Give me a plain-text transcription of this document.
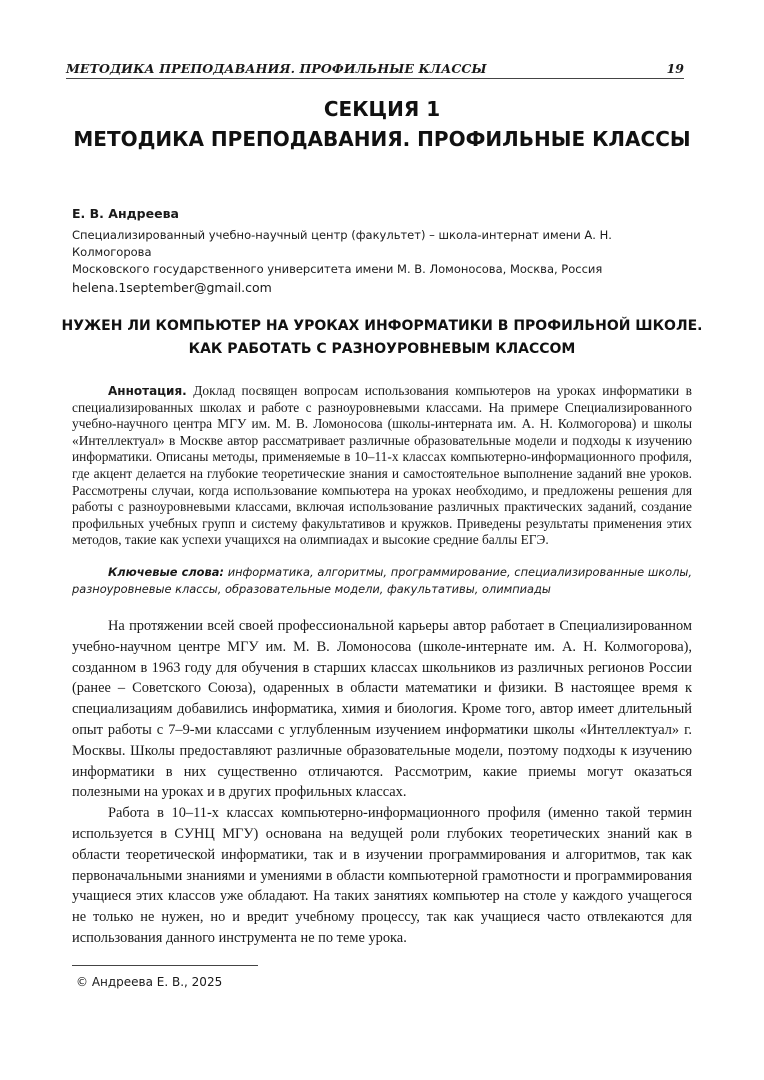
МЕТОДИКА ПРЕПОДАВАНИЯ. ПРОФИЛЬНЫЕ КЛАССЫ	19
СЕКЦИЯ 1
МЕТОДИКА ПРЕПОДАВАНИЯ. ПРОФИЛЬНЫЕ КЛАССЫ
Е. В. Андреева
Специализированный учебно-научный центр (факультет) – школа-интернат имени А. Н. Колмогорова
Московского государственного университета имени М. В. Ломоносова, Москва, Россия
helena.1september@gmail.com
НУЖЕН ЛИ КОМПЬЮТЕР НА УРОКАХ ИНФОРМАТИКИ В ПРОФИЛЬНОЙ ШКОЛЕ.
КАК РАБОТАТЬ С РАЗНОУРОВНЕВЫМ КЛАССОМ

Аннотация. Доклад посвящен вопросам использования компьютеров на уроках информатики в специализированных школах и работе с разноуровневыми классами. На примере Специализированного учебно-научного центра МГУ им. М. В. Ломоносова (школы-интерната им. А. Н. Колмогорова) и школы «Интеллектуал» в Москве автор рассматривает различные образовательные модели и подходы к изучению информатики. Описаны методы, применяемые в 10–11-х классах компьютерно-информационного профиля, где акцент делается на глубокие теоретические знания и самостоятельное выполнение заданий вне уроков. Рассмотрены случаи, когда использование компьютера на уроках необходимо, и предложены решения для работы с разноуровневыми классами, включая использование различных практических заданий, создание профильных учебных групп и систему факультативов и кружков. Приведены результаты применения этих методов, такие как успехи учащихся на олимпиадах и высокие средние баллы ЕГЭ.

Ключевые слова: информатика, алгоритмы, программирование, специализированные школы, разноуровневые классы, образовательные модели, факультативы, олимпиады

На протяжении всей своей профессиональной карьеры автор работает в Специализированном учебно-научном центре МГУ им. М. В. Ломоносова (школе-интернате им. А. Н. Колмогорова), созданном в 1963 году для обучения в старших классах школьников из различных регионов России (ранее – Советского Союза), одаренных в области математики и физики. В настоящее время к специализациям добавились информатика, химия и биология. Кроме того, автор имеет длительный опыт работы с 7–9-ми классами с углубленным изучением информатики школы «Интеллектуал» г. Москвы. Школы предоставляют различные образовательные модели, поэтому подходы к изучению информатики в них существенно отличаются. Рассмотрим, какие приемы могут оказаться полезными на уроках и в других профильных классах.

Работа в 10–11-х классах компьютерно-информационного профиля (именно такой термин используется в СУНЦ МГУ) основана на ведущей роли глубоких теоретических знаний как в области теоретической информатики, так и в изучении программирования и алгоритмов, так как первоначальными знаниями и умениями в области компьютерной грамотности и программирования учащиеся этих классов уже обладают. На таких занятиях компьютер на столе у каждого учащегося не только не нужен, но и вредит учебному процессу, так как учащиеся часто отвлекаются для использования данного инструмента не по теме урока.

© Андреева Е. В., 2025
